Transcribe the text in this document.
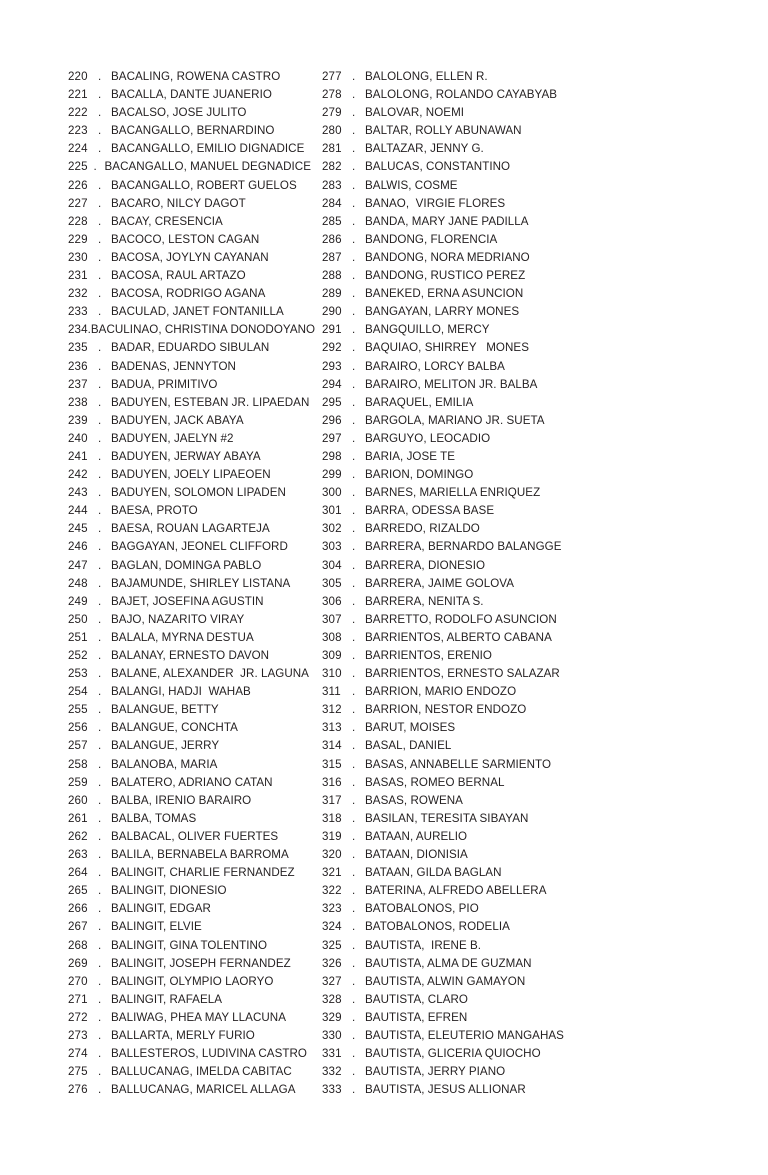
220 . BACALING, ROWENA CASTRO
221 . BACALLA, DANTE JUANERIO
222 . BACALSO, JOSE JULITO
223 . BACANGALLO, BERNARDINO
224 . BACANGALLO, EMILIO DIGNADICE
225 . BACANGALLO, MANUEL DEGNADICE
226 . BACANGALLO, ROBERT GUELOS
227 . BACARO, NILCY DAGOT
228 . BACAY, CRESENCIA
229 . BACOCO, LESTON CAGAN
230 . BACOSA, JOYLYN CAYANAN
231 . BACOSA, RAUL ARTAZO
232 . BACOSA, RODRIGO AGANA
233 . BACULAD, JANET FONTANILLA
234 . BACULINAO, CHRISTINA DONODOYANO
235 . BADAR, EDUARDO SIBULAN
236 . BADENAS, JENNYTON
237 . BADUA, PRIMITIVO
238 . BADUYEN, ESTEBAN JR. LIPAEDAN
239 . BADUYEN, JACK ABAYA
240 . BADUYEN, JAELYN #2
241 . BADUYEN, JERWAY ABAYA
242 . BADUYEN, JOELY LIPAEOEN
243 . BADUYEN, SOLOMON LIPADEN
244 . BAESA, PROTO
245 . BAESA, ROUAN LAGARTEJA
246 . BAGGAYAN, JEONEL CLIFFORD
247 . BAGLAN, DOMINGA PABLO
248 . BAJAMUNDE, SHIRLEY LISTANA
249 . BAJET, JOSEFINA AGUSTIN
250 . BAJO, NAZARITO VIRAY
251 . BALALA, MYRNA DESTUA
252 . BALANAY, ERNESTO DAVON
253 . BALANE, ALEXANDER  JR. LAGUNA
254 . BALANGI, HADJI  WAHAB
255 . BALANGUE, BETTY
256 . BALANGUE, CONCHTA
257 . BALANGUE, JERRY
258 . BALANOBA, MARIA
259 . BALATERO, ADRIANO CATAN
260 . BALBA, IRENIO BARAIRO
261 . BALBA, TOMAS
262 . BALBACAL, OLIVER FUERTES
263 . BALILA, BERNABELA BARROMA
264 . BALINGIT, CHARLIE FERNANDEZ
265 . BALINGIT, DIONESIO
266 . BALINGIT, EDGAR
267 . BALINGIT, ELVIE
268 . BALINGIT, GINA TOLENTINO
269 . BALINGIT, JOSEPH FERNANDEZ
270 . BALINGIT, OLYMPIO LAORYO
271 . BALINGIT, RAFAELA
272 . BALIWAG, PHEA MAY LLACUNA
273 . BALLARTA, MERLY FURIO
274 . BALLESTEROS, LUDIVINA CASTRO
275 . BALLUCANAG, IMELDA CABITAC
276 . BALLUCANAG, MARICEL ALLAGA
277 . BALOLONG, ELLEN R.
278 . BALOLONG, ROLANDO CAYABYAB
279 . BALOVAR, NOEMI
280 . BALTAR, ROLLY ABUNAWAN
281 . BALTAZAR, JENNY G.
282 . BALUCAS, CONSTANTINO
283 . BALWIS, COSME
284 . BANAO,  VIRGIE FLORES
285 . BANDA, MARY JANE PADILLA
286 . BANDONG, FLORENCIA
287 . BANDONG, NORA MEDRIANO
288 . BANDONG, RUSTICO PEREZ
289 . BANEKED, ERNA ASUNCION
290 . BANGAYAN, LARRY MONES
291 . BANGQUILLO, MERCY
292 . BAQUIAO, SHIRREY   MONES
293 . BARAIRO, LORCY BALBA
294 . BARAIRO, MELITON JR. BALBA
295 . BARAQUEL, EMILIA
296 . BARGOLA, MARIANO JR. SUETA
297 . BARGUYO, LEOCADIO
298 . BARIA, JOSE TE
299 . BARION, DOMINGO
300 . BARNES, MARIELLA ENRIQUEZ
301 . BARRA, ODESSA BASE
302 . BARREDO, RIZALDO
303 . BARRERA, BERNARDO BALANGGE
304 . BARRERA, DIONESIO
305 . BARRERA, JAIME GOLOVA
306 . BARRERA, NENITA S.
307 . BARRETTO, RODOLFO ASUNCION
308 . BARRIENTOS, ALBERTO CABANA
309 . BARRIENTOS, ERENIO
310 . BARRIENTOS, ERNESTO SALAZAR
311 . BARRION, MARIO ENDOZO
312 . BARRION, NESTOR ENDOZO
313 . BARUT, MOISES
314 . BASAL, DANIEL
315 . BASAS, ANNABELLE SARMIENTO
316 . BASAS, ROMEO BERNAL
317 . BASAS, ROWENA
318 . BASILAN, TERESITA SIBAYAN
319 . BATAAN, AURELIO
320 . BATAAN, DIONISIA
321 . BATAAN, GILDA BAGLAN
322 . BATERINA, ALFREDO ABELLERA
323 . BATOBALONOS, PIO
324 . BATOBALONOS, RODELIA
325 . BAUTISTA,  IRENE B.
326 . BAUTISTA, ALMA DE GUZMAN
327 . BAUTISTA, ALWIN GAMAYON
328 . BAUTISTA, CLARO
329 . BAUTISTA, EFREN
330 . BAUTISTA, ELEUTERIO MANGAHAS
331 . BAUTISTA, GLICERIA QUIOCHO
332 . BAUTISTA, JERRY PIANO
333 . BAUTISTA, JESUS ALLIONAR
